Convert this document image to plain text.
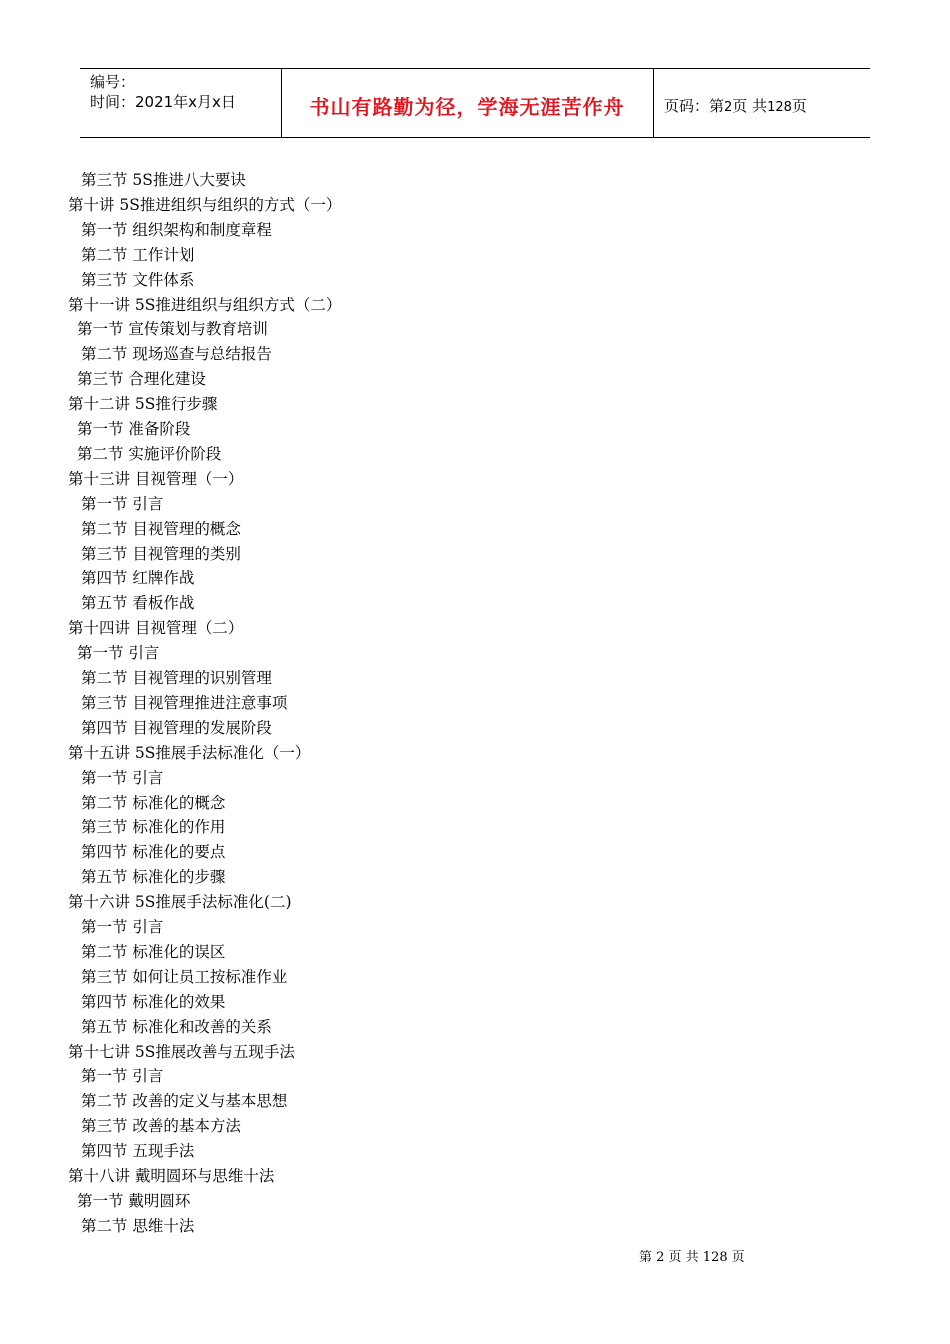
编号：
时间：2021年x月x日	书山有路勤为径，学海无涯苦作舟	页码：第2页 共128页
第三节 5S推进八大要诀
第十讲 5S推进组织与组织的方式（一）
第一节 组织架构和制度章程
第二节 工作计划
第三节 文件体系
第十一讲 5S推进组织与组织方式（二）
第一节 宣传策划与教育培训
第二节 现场巡查与总结报告
第三节 合理化建设
第十二讲 5S推行步骤
第一节 准备阶段
第二节 实施评价阶段
第十三讲 目视管理（一）
第一节 引言
第二节 目视管理的概念
第三节 目视管理的类别
第四节 红牌作战
第五节 看板作战
第十四讲 目视管理（二）
第一节 引言
第二节 目视管理的识别管理
第三节 目视管理推进注意事项
第四节 目视管理的发展阶段
第十五讲 5S推展手法标准化（一）
第一节 引言
第二节 标准化的概念
第三节 标准化的作用
第四节 标准化的要点
第五节 标准化的步骤
第十六讲 5S推展手法标准化(二)
第一节 引言
第二节 标准化的误区
第三节 如何让员工按标准作业
第四节 标准化的效果
第五节 标准化和改善的关系
第十七讲 5S推展改善与五现手法
第一节 引言
第二节 改善的定义与基本思想
第三节 改善的基本方法
第四节 五现手法
第十八讲 戴明圆环与思维十法
第一节 戴明圆环
第二节 思维十法
第 2 页 共 128 页
